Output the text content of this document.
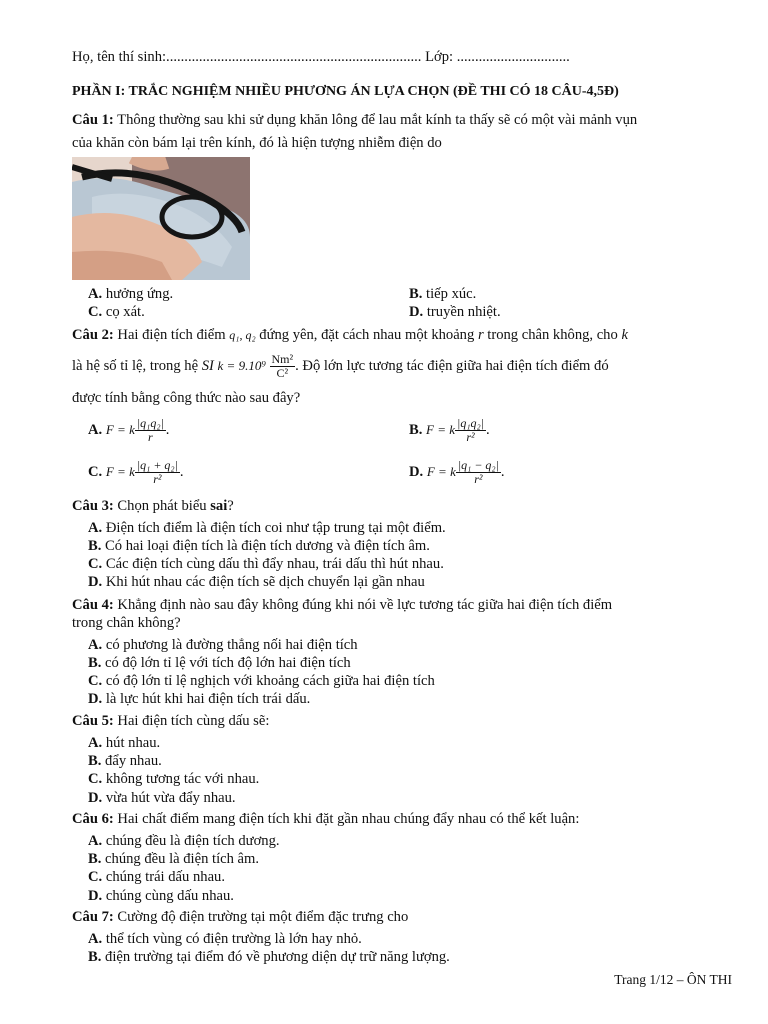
Họ, tên thí sinh:...................................................................... Lớp: ...............................
PHẦN I: TRẮC NGHIỆM NHIỀU PHƯƠNG ÁN LỰA CHỌN (ĐỀ THI CÓ 18 CÂU-4,5Đ)
Câu 1: Thông thường sau khi sử dụng khăn lông để lau mắt kính ta thấy sẽ có một vài mảnh vụn
của khăn còn bám lại trên kính, đó là hiện tượng nhiễm điện do
A. hưởng ứng.	B. tiếp xúc.
C. cọ xát.	D. truyền nhiệt.
Câu 2: Hai điện tích điểm q₁, q₂ đứng yên, đặt cách nhau một khoảng r trong chân không, cho k
là hệ số tỉ lệ, trong hệ SI $k = 9.10^9 \frac{\text{Nm²}}{\text{C²}}$ . Độ lớn lực tương tác điện giữa hai điện tích điểm đó
được tính bằng công thức nào sau đây?
A. F = k $\frac{\text{|q₁q₂|}}{r}$ .	B. F = k $\frac{\text{|q₁q₂|}}{\text{r²}}$ .
C. F = k $\frac{\text{|q₁ + q₂|}}{\text{r²}}$ .	D. F = k $\frac{\text{|q₁ − q₂|}}{\text{r²}}$ .
Câu 3: Chọn phát biểu sai?
A. Điện tích điểm là điện tích coi như tập trung tại một điểm.
B. Có hai loại điện tích là điện tích dương và điện tích âm.
C. Các điện tích cùng dấu thì đẩy nhau, trái dấu thì hút nhau.
D. Khi hút nhau các điện tích sẽ dịch chuyển lại gần nhau
Câu 4: Khẳng định nào sau đây không đúng khi nói về lực tương tác giữa hai điện tích điểm
trong chân không?
A. có phương là đường thẳng nối hai điện tích
B. có độ lớn tỉ lệ với tích độ lớn hai điện tích
C. có độ lớn tỉ lệ nghịch với khoảng cách giữa hai điện tích
D. là lực hút khi hai điện tích trái dấu.
Câu 5: Hai điện tích cùng dấu sẽ:
A. hút nhau.
B. đẩy nhau.
C. không tương tác với nhau.
D. vừa hút vừa đẩy nhau.
Câu 6: Hai chất điểm mang điện tích khi đặt gần nhau chúng đẩy nhau có thể kết luận:
A. chúng đều là điện tích dương.
B. chúng đều là điện tích âm.
C. chúng trái dấu nhau.
D. chúng cùng dấu nhau.
Câu 7: Cường độ điện trường tại một điểm đặc trưng cho
A. thể tích vùng có điện trường là lớn hay nhỏ.
B. điện trường tại điểm đó về phương diện dự trữ năng lượng.
Trang 1/12 – ÔN THI
